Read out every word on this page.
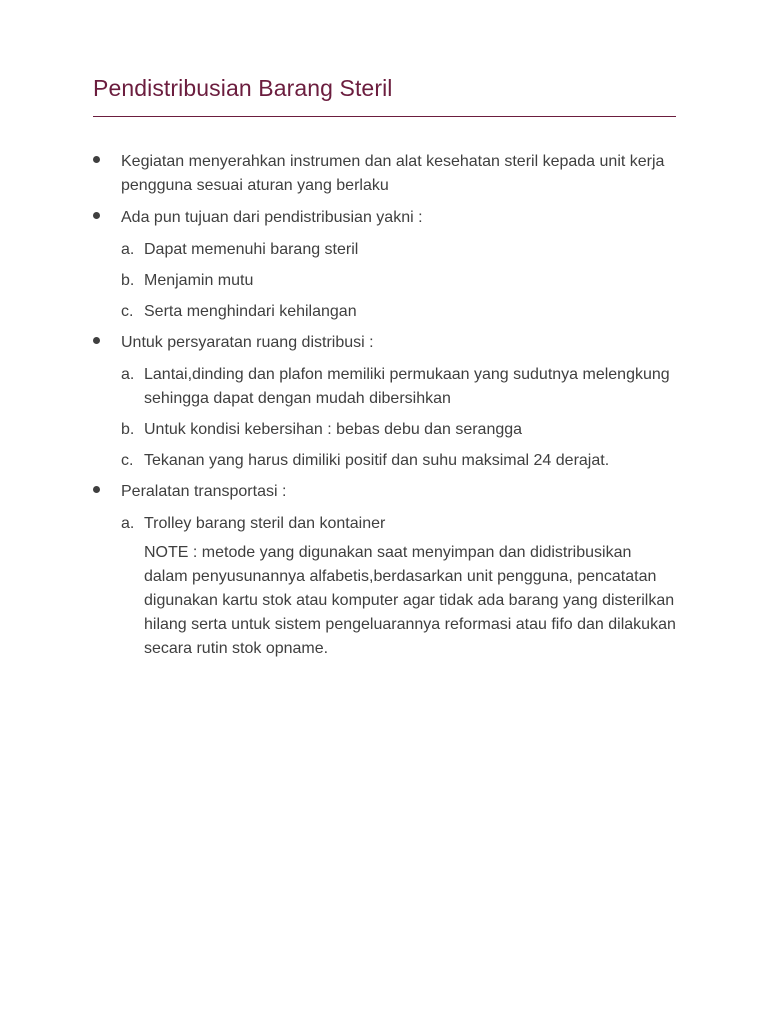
Pendistribusian Barang Steril
Kegiatan menyerahkan instrumen dan alat kesehatan steril kepada unit kerja pengguna sesuai aturan yang berlaku
Ada pun tujuan dari pendistribusian yakni :
a. Dapat memenuhi barang steril
b. Menjamin mutu
c. Serta menghindari kehilangan
Untuk persyaratan ruang distribusi :
a. Lantai,dinding dan plafon memiliki permukaan yang sudutnya melengkung sehingga dapat dengan mudah dibersihkan
b. Untuk kondisi kebersihan : bebas debu dan serangga
c. Tekanan yang harus dimiliki positif dan suhu maksimal 24 derajat.
Peralatan transportasi :
a. Trolley barang steril dan kontainer
NOTE : metode yang digunakan saat menyimpan dan didistribusikan dalam penyusunannya alfabetis,berdasarkan unit pengguna, pencatatan digunakan kartu stok atau komputer agar tidak ada barang yang disterilkan hilang serta untuk sistem pengeluarannya reformasi atau fifo dan dilakukan secara rutin stok opname.
